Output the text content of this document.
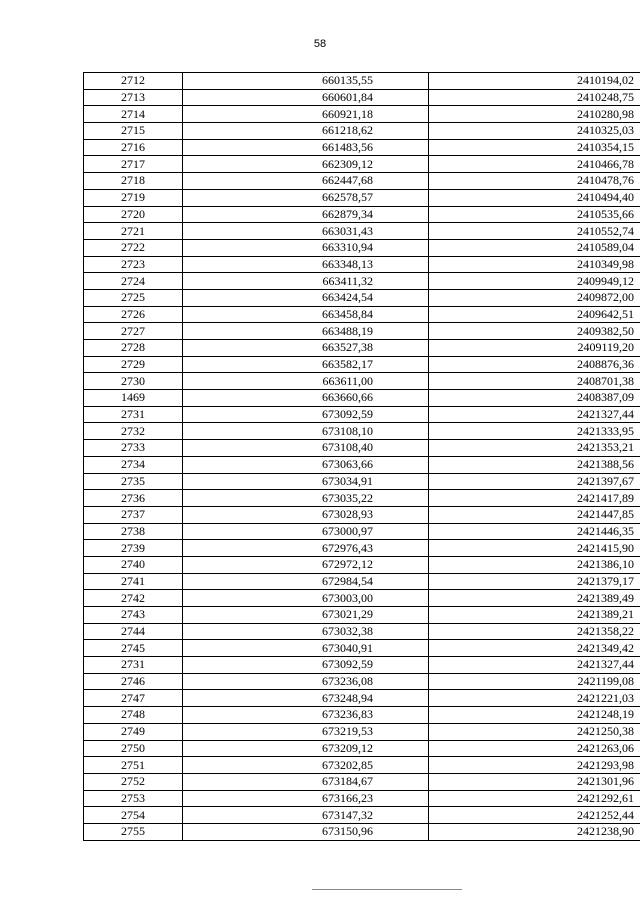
58
2712	660135,55	2410194,02
2713	660601,84	2410248,75
2714	660921,18	2410280,98
2715	661218,62	2410325,03
2716	661483,56	2410354,15
2717	662309,12	2410466,78
2718	662447,68	2410478,76
2719	662578,57	2410494,40
2720	662879,34	2410535,66
2721	663031,43	2410552,74
2722	663310,94	2410589,04
2723	663348,13	2410349,98
2724	663411,32	2409949,12
2725	663424,54	2409872,00
2726	663458,84	2409642,51
2727	663488,19	2409382,50
2728	663527,38	2409119,20
2729	663582,17	2408876,36
2730	663611,00	2408701,38
1469	663660,66	2408387,09
2731	673092,59	2421327,44
2732	673108,10	2421333,95
2733	673108,40	2421353,21
2734	673063,66	2421388,56
2735	673034,91	2421397,67
2736	673035,22	2421417,89
2737	673028,93	2421447,85
2738	673000,97	2421446,35
2739	672976,43	2421415,90
2740	672972,12	2421386,10
2741	672984,54	2421379,17
2742	673003,00	2421389,49
2743	673021,29	2421389,21
2744	673032,38	2421358,22
2745	673040,91	2421349,42
2731	673092,59	2421327,44
2746	673236,08	2421199,08
2747	673248,94	2421221,03
2748	673236,83	2421248,19
2749	673219,53	2421250,38
2750	673209,12	2421263,06
2751	673202,85	2421293,98
2752	673184,67	2421301,96
2753	673166,23	2421292,61
2754	673147,32	2421252,44
2755	673150,96	2421238,90
